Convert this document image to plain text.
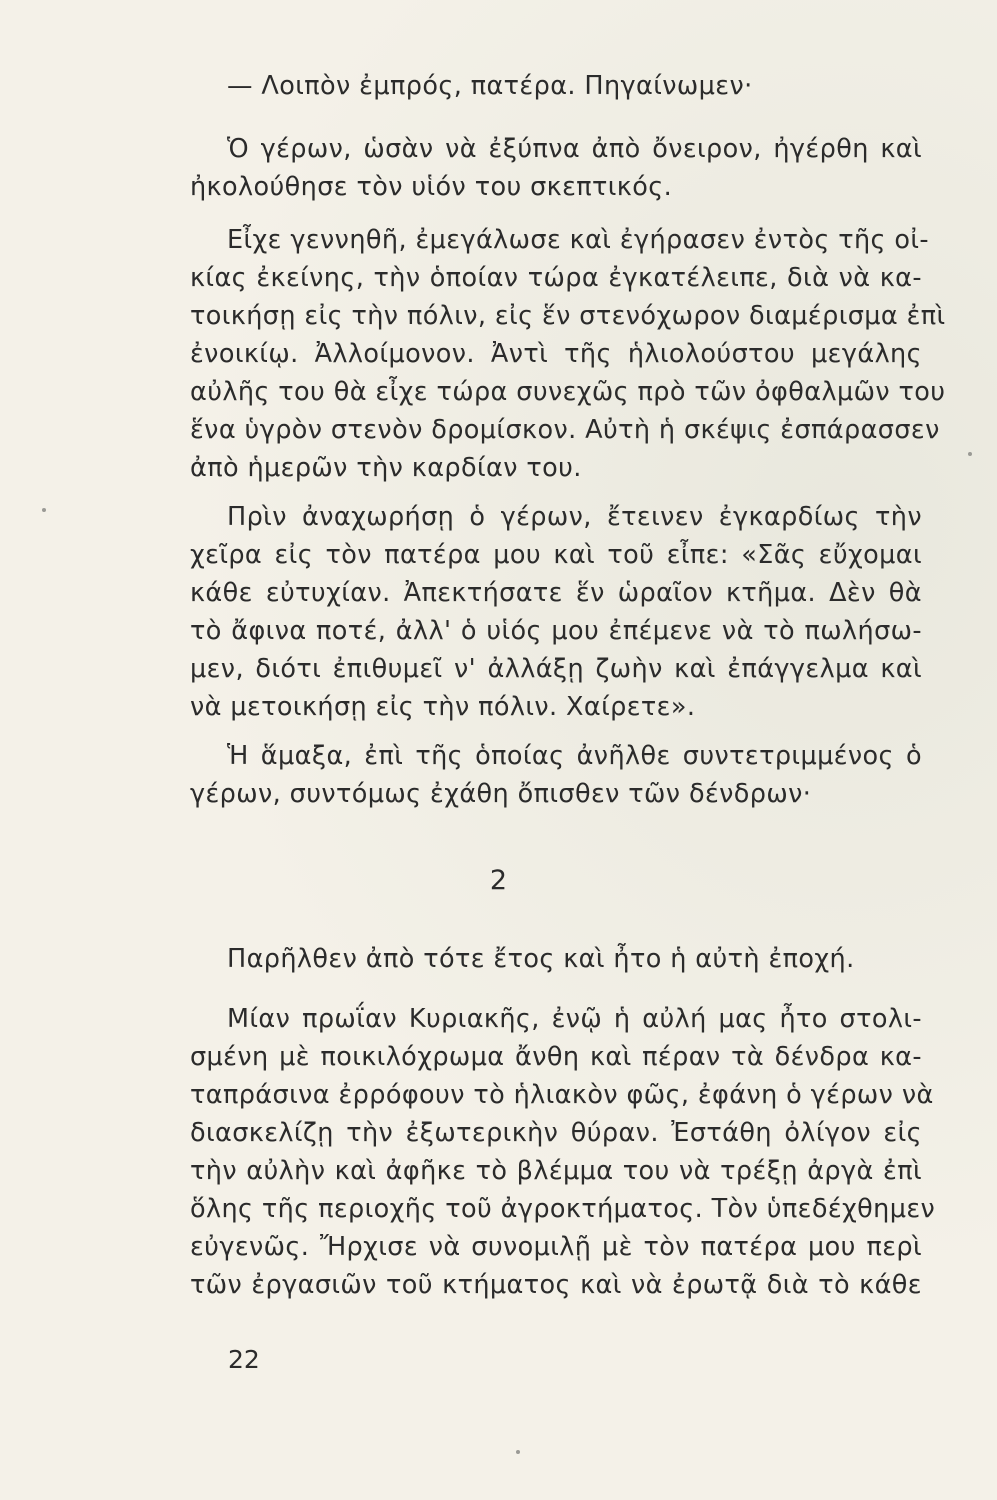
— Λοιπὸν ἐμπρός, πατέρα. Πηγαίνωμεν·
Ὁ γέρων, ὡσὰν νὰ ἐξύπνα ἀπὸ ὄνειρον, ἠγέρθη καὶ
ἠκολούθησε τὸν υἱόν του σκεπτικός.
Εἶχε γεννηθῆ, ἐμεγάλωσε καὶ ἐγήρασεν ἐντὸς τῆς οἰ-
κίας ἐκείνης, τὴν ὁποίαν τώρα ἐγκατέλειπε, διὰ νὰ κα-
τοικήσῃ εἰς τὴν πόλιν, εἰς ἕν στενόχωρον διαμέρισμα ἐπὶ
ἐνοικίῳ. Ἀλλοίμονον. Ἀντὶ τῆς ἡλιολούστου μεγάλης
αὐλῆς του θὰ εἶχε τώρα συνεχῶς πρὸ τῶν ὀφθαλμῶν του
ἕνα ὑγρὸν στενὸν δρομίσκον. Αὐτὴ ἡ σκέψις ἐσπάρασσεν
ἀπὸ ἡμερῶν τὴν καρδίαν του.
Πρὶν ἀναχωρήσῃ ὁ γέρων, ἔτεινεν ἐγκαρδίως τὴν
χεῖρα εἰς τὸν πατέρα μου καὶ τοῦ εἶπε: «Σᾶς εὔχομαι
κάθε εὐτυχίαν. Ἀπεκτήσατε ἕν ὡραῖον κτῆμα. Δὲν θὰ
τὸ ἄφινα ποτέ, ἀλλ' ὁ υἱός μου ἐπέμενε νὰ τὸ πωλήσω-
μεν, διότι ἐπιθυμεῖ ν' ἀλλάξῃ ζωὴν καὶ ἐπάγγελμα καὶ
νὰ μετοικήσῃ εἰς τὴν πόλιν. Χαίρετε».
Ἡ ἅμαξα, ἐπὶ τῆς ὁποίας ἀνῆλθε συντετριμμένος ὁ
γέρων, συντόμως ἐχάθη ὄπισθεν τῶν δένδρων·
2
Παρῆλθεν ἀπὸ τότε ἔτος καὶ ἦτο ἡ αὐτὴ ἐποχή.
Μίαν πρωΐαν Κυριακῆς, ἐνῷ ἡ αὐλή μας ἦτο στολι-
σμένη μὲ ποικιλόχρωμα ἄνθη καὶ πέραν τὰ δένδρα κα-
ταπράσινα ἐρρόφουν τὸ ἡλιακὸν φῶς, ἐφάνη ὁ γέρων νὰ
διασκελίζῃ τὴν ἐξωτερικὴν θύραν. Ἐστάθη ὀλίγον εἰς
τὴν αὐλὴν καὶ ἀφῆκε τὸ βλέμμα του νὰ τρέξῃ ἀργὰ ἐπὶ
ὅλης τῆς περιοχῆς τοῦ ἀγροκτήματος. Τὸν ὑπεδέχθημεν
εὐγενῶς. Ἤρχισε νὰ συνομιλῇ μὲ τὸν πατέρα μου περὶ
τῶν ἐργασιῶν τοῦ κτήματος καὶ νὰ ἐρωτᾷ διὰ τὸ κάθε
22
